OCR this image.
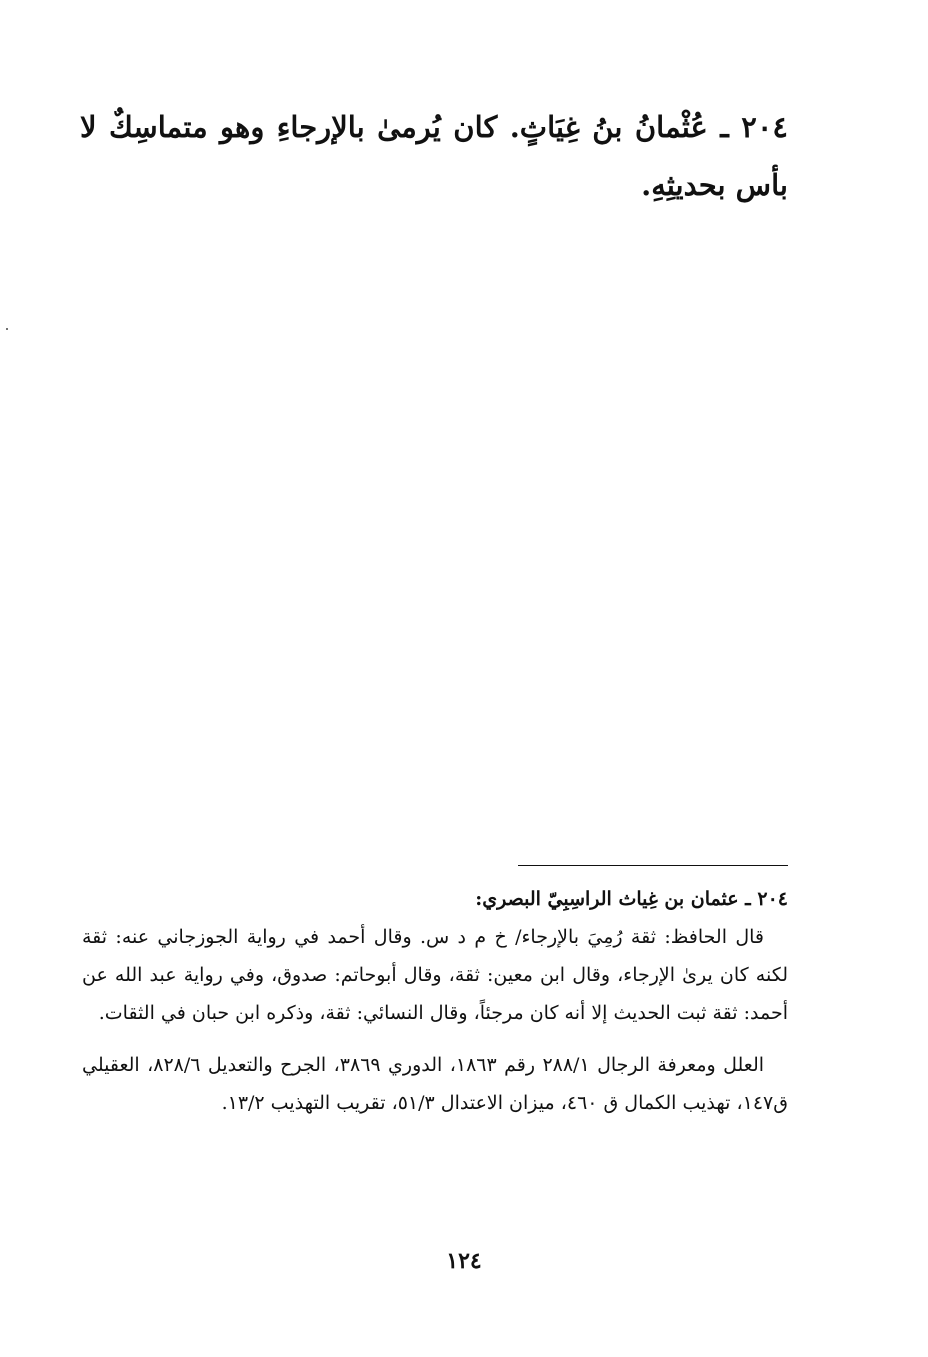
٢٠٤ ـ عُثْمانُ بنُ غِيَاثٍ. كان يُرمىٰ بالإرجاءِ وهو متماسِكٌ لا بأس بحديثِهِ.

٢٠٤ ـ عثمان بن غِياث الراسِبِيّ البصري:

قال الحافظ: ثقة رُمِيَ بالإرجاء/ خ م د س. وقال أحمد في رواية الجوزجاني عنه: ثقة لكنه كان يرىٰ الإرجاء، وقال ابن معين: ثقة، وقال أبوحاتم: صدوق، وفي رواية عبد الله عن أحمد: ثقة ثبت الحديث إلا أنه كان مرجئاً، وقال النسائي: ثقة، وذكره ابن حبان في الثقات.

العلل ومعرفة الرجال ٢٨٨/١ رقم ١٨٦٣، الدوري ٣٨٦٩، الجرح والتعديل ٨٢٨/٦، العقيلي ق١٤٧، تهذيب الكمال ق ٤٦٠، ميزان الاعتدال ٥١/٣، تقريب التهذيب ١٣/٢.

١٢٤
